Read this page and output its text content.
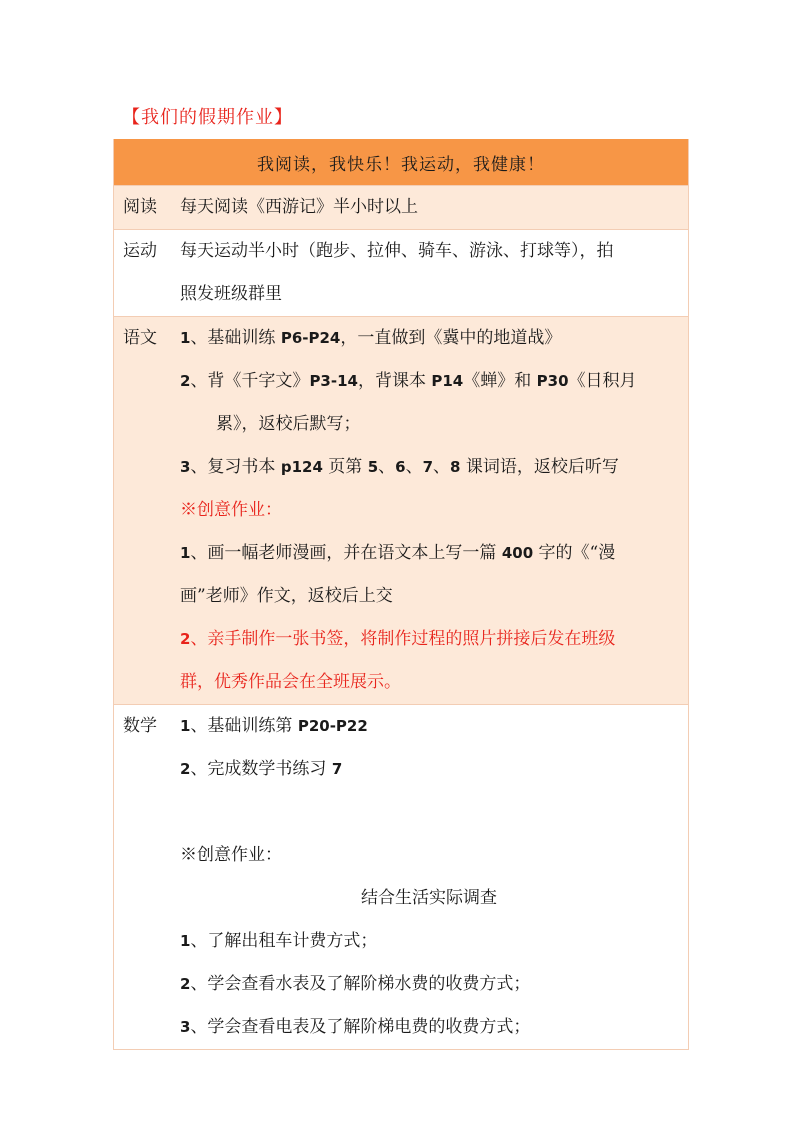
【我们的假期作业】
我阅读，我快乐！我运动，我健康！
阅读	每天阅读《西游记》半小时以上
运动	每天运动半小时（跑步、拉伸、骑车、游泳、打球等），拍
照发班级群里
语文	1、基础训练 P6-P24，一直做到《冀中的地道战》
2、背《千字文》P3-14，背课本 P14《蝉》和 P30《日积月
累》，返校后默写；
3、复习书本 p124 页第 5、6、7、8 课词语，返校后听写
※创意作业：
1、画一幅老师漫画，并在语文本上写一篇 400 字的《“漫
画”老师》作文，返校后上交
2、亲手制作一张书签，将制作过程的照片拼接后发在班级
群，优秀作品会在全班展示。
数学	1、基础训练第 P20-P22
2、完成数学书练习 7
※创意作业：
结合生活实际调查
1、了解出租车计费方式；
2、学会查看水表及了解阶梯水费的收费方式；
3、学会查看电表及了解阶梯电费的收费方式；
